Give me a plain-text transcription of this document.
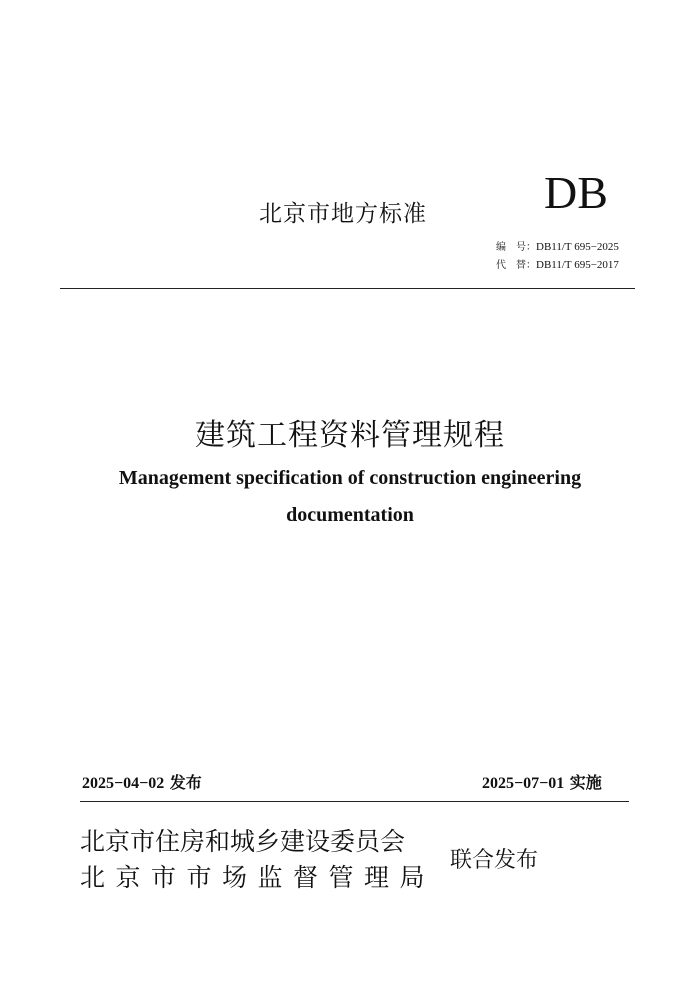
北京市地方标准	DB
编　号：DB11/T 695−2025
代　替：DB11/T 695−2017
建筑工程资料管理规程
Management specification of construction engineering
documentation
2025−04−02 发布	2025−07−01 实施
北京市住房和城乡建设委员会
北京市市场监督管理局
联合发布
